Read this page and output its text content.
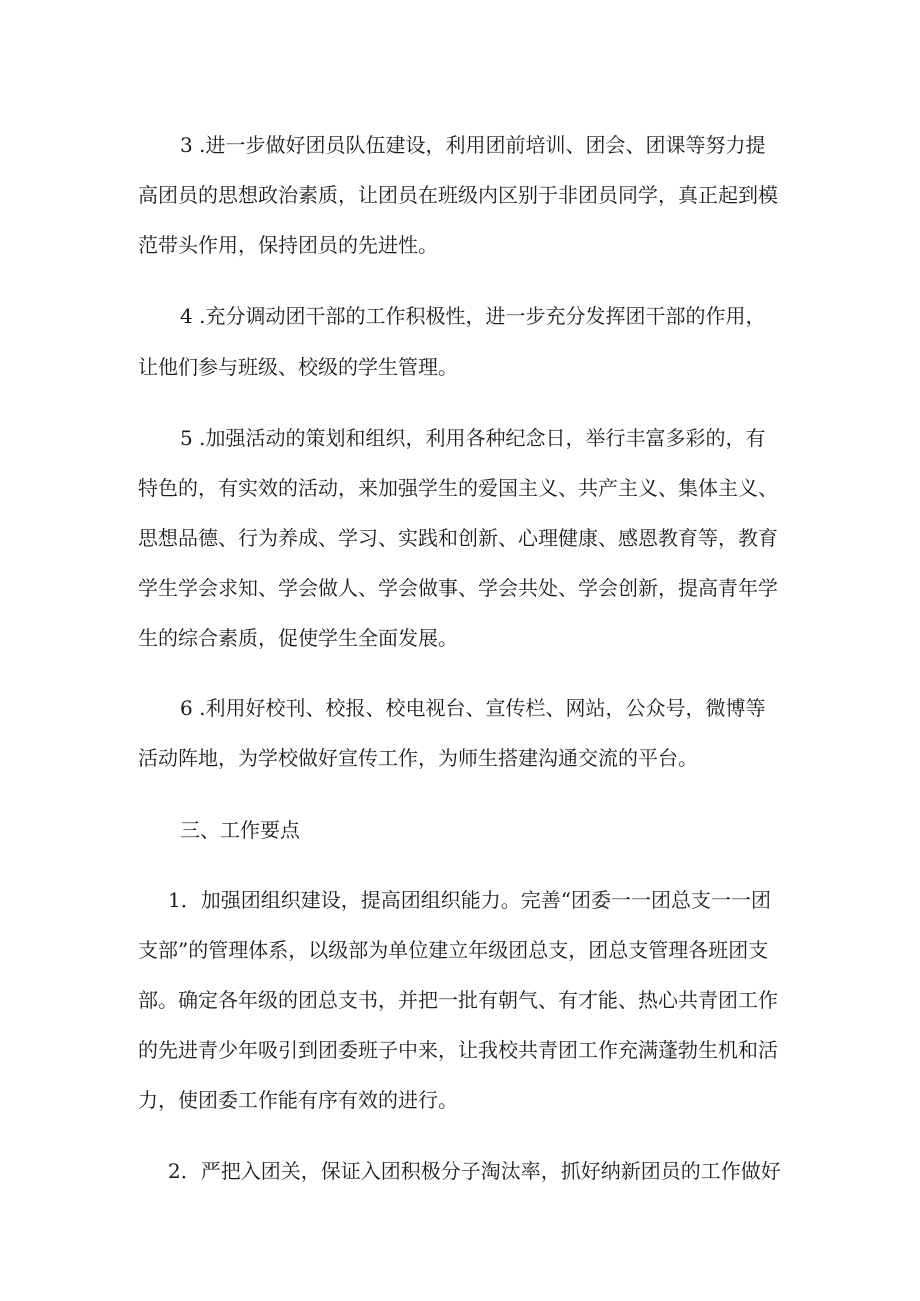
3 .进一步做好团员队伍建设，利用团前培训、团会、团课等努力提
高团员的思想政治素质，让团员在班级内区别于非团员同学，真正起到模
范带头作用，保持团员的先进性。
4 .充分调动团干部的工作积极性，进一步充分发挥团干部的作用，
让他们参与班级、校级的学生管理。
5 .加强活动的策划和组织，利用各种纪念日，举行丰富多彩的，有
特色的，有实效的活动，来加强学生的爱国主义、共产主义、集体主义、
思想品德、行为养成、学习、实践和创新、心理健康、感恩教育等，教育
学生学会求知、学会做人、学会做事、学会共处、学会创新，提高青年学
生的综合素质，促使学生全面发展。
6 .利用好校刊、校报、校电视台、宣传栏、网站，公众号，微博等
活动阵地，为学校做好宣传工作，为师生搭建沟通交流的平台。
三、工作要点
1．加强团组织建设，提高团组织能力。完善“团委一一团总支一一团
支部”的管理体系，以级部为单位建立年级团总支，团总支管理各班团支
部。确定各年级的团总支书，并把一批有朝气、有才能、热心共青团工作
的先进青少年吸引到团委班子中来，让我校共青团工作充满蓬勃生机和活
力，使团委工作能有序有效的进行。
2．严把入团关，保证入团积极分子淘汰率，抓好纳新团员的工作做好
